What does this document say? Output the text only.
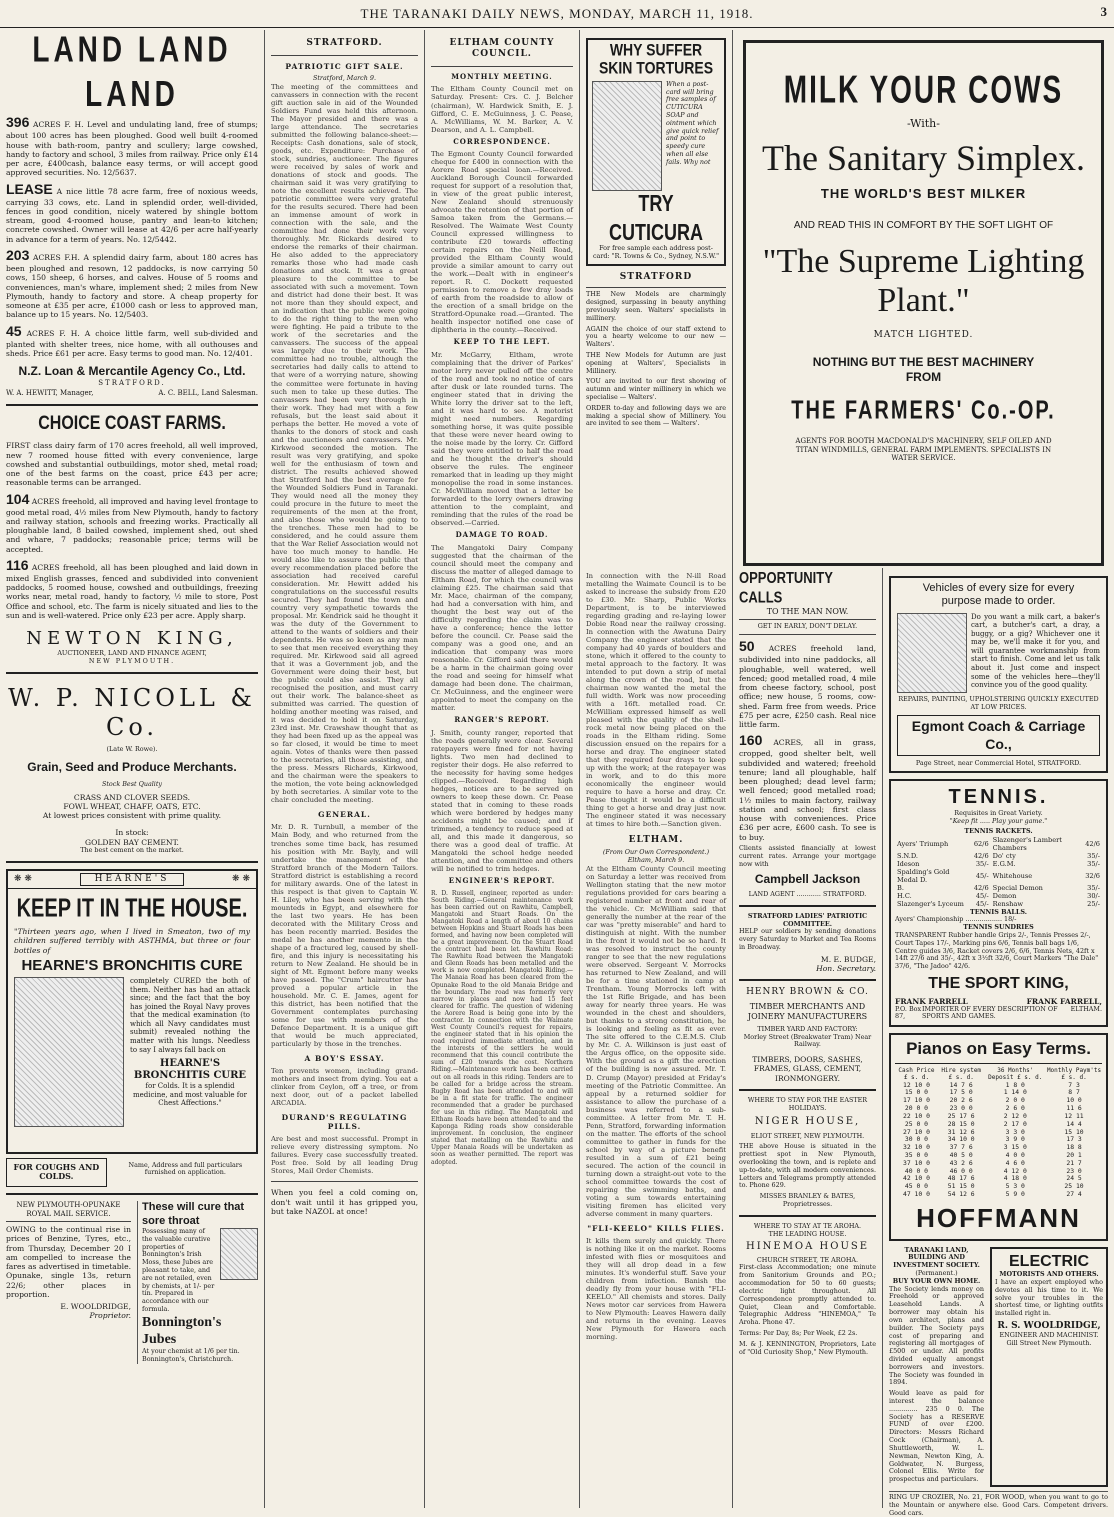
THE TARANAKI DAILY NEWS, MONDAY, MARCH 11, 1918.	3
LAND LAND LAND
396 ACRES F. H. Level and undulating land, free of stumps; about 100 acres has been ploughed. Good well built 4-roomed house with bath-room, pantry and scullery; large cowshed, handy to factory and school, 3 miles from railway. Price only £14 per acre, £400cash, balance easy terms, or will accept good approved securities. No. 12/5637.
LEASE A nice little 78 acre farm, free of noxious weeds, carrying 33 cows, etc. Land in splendid order, well-divided, fences in good condition, nicely watered by shingle bottom stream, good 4-roomed house, pantry and lean-to kitchen; concrete cowshed. Owner will lease at 42/6 per acre half-yearly in advance for a term of years. No. 12/5442.
203 ACRES F.H. A splendid dairy farm, about 180 acres has been ploughed and resown, 12 paddocks, is now carrying 50 cows, 150 sheep, 6 horses, and calves. House of 5 rooms and conveniences, man's whare, implement shed; 2 miles from New Plymouth, handy to factory and store. A cheap property for someone at £35 per acre, £1000 cash or less to approved man, balance up to 15 years. No. 12/5403.
45 ACRES F. H. A choice little farm, well sub-divided and planted with shelter trees, nice home, with all outhouses and sheds. Price £61 per acre. Easy terms to good man. No. 12/401.
N.Z. Loan & Mercantile Agency Co., Ltd.
STRATFORD.
W. A. HEWITT, Manager,	A. C. BELL, Land Salesman.
CHOICE COAST FARMS.
FIRST class dairy farm of 170 acres freehold, all well improved, new 7 roomed house fitted with every convenience, large cowshed and substantial outbuildings, motor shed, metal road; one of the best farms on the coast, price £43 per acre; reasonable terms can be arranged.
104 ACRES freehold, all improved and having level frontage to good metal road, 4½ miles from New Plymouth, handy to factory and railway station, schools and freezing works. Practically all ploughable land, 8 bailed cowshed, implement shed, out shed and whare, 7 paddocks; reasonable price; terms will be accepted.
116 ACRES freehold, all has been ploughed and laid down in mixed English grasses, fenced and subdivided into convenient paddocks, 5 roomed house, cowshed and outbuildings, freezing works near, metal road, handy to factory, ½ mile to store, Post Office and school, etc. The farm is nicely situated and lies to the sun and is well-watered. Price only £23 per acre. Apply sharp.
NEWTON KING,
AUCTIONEER, LAND AND FINANCE AGENT,
NEW PLYMOUTH.
W. P. NICOLL & Co.
(Late W. Rowe).
Grain, Seed and Produce Merchants.
Stock Best Quality
CRASS AND CLOVER SEEDS.
FOWL WHEAT, CHAFF, OATS, ETC.
At lowest prices consistent with prime quality.
In stock:
GOLDEN BAY CEMENT.
The best cement on the market.
❋ ❋	HEARNE'S	❋ ❋
KEEP IT IN THE HOUSE.
"Thirteen years ago, when I lived in Smeaton, two of my children suffered terribly with ASTHMA, but three or four bottles of
HEARNE'S BRONCHITIS CURE
completely CURED the both of them. Neither has had an attack since; and the fact that the boy has joined the Royal Navy proves that the medical examination (to which all Navy candidates must submit) revealed nothing the matter with his lungs. Needless to say I always fall back on
HEARNE'S BRONCHITIS CURE
for Colds. It is a splendid medicine, and most valuable for Chest Affections."
FOR COUGHS AND COLDS.
Name, Address and full particulars furnished on application.
NEW PLYMOUTH-OPUNAKE ROYAL MAIL SERVICE.
OWING to the continual rise in prices of Benzine, Tyres, etc., from Thursday, December 20 I am compelled to increase the fares as advertised in timetable. Opunake, single 13s, return 22/6; other places in proportion.
E. WOOLDRIDGE,
Proprietor.
These will cure that sore throat
Possessing many of the valuable curative properties of Bonnington's Irish Moss, these Jubes are pleasant to take, and are not retailed, even by chemists, at 1/- per tin. Prepared in accordance with our formula.
Bonnington's Jubes
At your chemist at 1/6 per tin. Bonnington's, Christchurch.
STRATFORD.
PATRIOTIC GIFT SALE.
Stratford, March 9.
The meeting of the committees and canvassers in connection with the recent gift auction sale in aid of the Wounded Soldiers Fund was held this afternoon. The Mayor presided and there was a large attendance. The secretaries submitted the following balance-sheet:—Receipts: Cash donations, sale of stock, goods, etc. Expenditure: Purchase of stock, sundries, auctioneer. The figures were received by sales of work and donations of stock and goods. The chairman said it was very gratifying to note the excellent results achieved. The patriotic committee were very grateful for the results secured. There had been an immense amount of work in connection with the sale, and the committee had done their work very thoroughly. Mr. Rickards desired to endorse the remarks of their chairman. He also added to the appreciatory remarks those who had made cash donations and stock. It was a great pleasure to the committee to be associated with such a movement. Town and district had done their best. It was not more than they should expect, and an indication that the public were going to do the right thing to the men who were fighting. He paid a tribute to the work of the secretaries and the canvassers. The success of the appeal was largely due to their work. The committee had no trouble, although the secretaries had daily calls to attend to that were of a worrying nature, showing the committee were fortunate in having such men to take up these duties. The canvassers had been very thorough in their work. They had met with a few refusals, but the least said about it perhaps the better. He moved a vote of thanks to the donors of stock and cash and the auctioneers and canvassers. Mr. Kirkwood seconded the motion. The result was very gratifying, and spoke well for the enthusiasm of town and district. The results achieved showed that Stratford had the best average for the Wounded Soldiers Fund in Taranaki. They would need all the money they could procure in the future to meet the requirements of the men at the front, and also those who would be going to the trenches. These men had to be considered, and he could assure them that the War Relief Association would not have too much money to handle. He would also like to assure the public that every recommendation placed before the association had received careful consideration. Mr. Hewitt added his congratulations on the successful results secured. They had found the town and country very sympathetic towards the proposal. Mr. Kendrick said he thought it was the duty of the Government to attend to the wants of soldiers and their dependents. He was so keen as any man to see that men received everything they required. Mr. Kirkwood said all agreed that it was a Government job, and the Government were doing their best, but the public could also assist. They all recognised the position, and must carry out their work. The balance-sheet as submitted was carried. The question of holding another meeting was raised, and it was decided to hold it on Saturday, 23rd inst. Mr. Crawshaw thought that as they had been fixed up as the appeal was so far closed, it would be time to meet again. Votes of thanks were then passed to the secretaries, all those assisting, and the press. Messrs Richards, Kirkwood, and the chairman were the speakers to the motion, the vote being acknowledged by both secretaries. A similar vote to the chair concluded the meeting.
GENERAL.
Mr. D. R. Turnbull, a member of the Main Body, and who returned from the trenches some time back, has resumed his position with Mr. Bayly, and will undertake the management of the Stratford branch of the Modern Tailors. Stratford district is establishing a record for military awards. One of the latest in this respect is that given to Captain W. H. Liley, who has been serving with the mounteds in Egypt, and elsewhere for the last two years. He has been decorated with the Military Cross and has been recently married. Besides the medal he has another memento in the shape of a fractured leg, caused by shell-fire, and this injury is necessitating his return to New Zealand. He should be in sight of Mt. Egmont before many weeks have passed. The "Crum" haircutter has proved a popular article in the household. Mr. C. E. James, agent for this district, has been notified that the Government contemplates purchasing some for use with members of the Defence Department. It is a unique gift that would be much appreciated, particularly by those in the trenches.
A BOY'S ESSAY.
Ten prevents women, including grand-mothers and insect from dying. You eat a clinker from Ceylon, off a tree, or from next door, out of a packet labelled ARCADIA.
DURAND'S REGULATING PILLS.
Are best and most successful. Prompt in relieve every distressing symptom. No failures. Every case successfully treated. Post free. Sold by all leading Drug Stores, Mail Order Chemists.
When you feel a cold coming on, don't wait until it has gripped you, but take NAZOL at once!
ELTHAM COUNTY COUNCIL.
MONTHLY MEETING.
The Eltham County Council met on Saturday. Present: Crs. C. J. Belcher (chairman), W. Hardwick Smith, E. J. Gifford, C. E. McGuinness, J. C. Pease, A. McWilliams, W. M. Barker, A. V. Dearson, and A. L. Campbell.
CORRESPONDENCE.
The Egmont County Council forwarded cheque for £400 in connection with the Aorere Road special loan.—Received. Auckland Borough Council forwarded request for support of a resolution that, in view of the great public interest, New Zealand should strenuously advocate the retention of that portion of Samoa taken from the Germans.—Resolved. The Waimate West County Council expressed willingness to contribute £20 towards effecting certain repairs on the Neill Road, provided the Eltham County would provide a similar amount to carry out the work.—Dealt with in engineer's report. R. C. Dockett requested permission to remove a few dray loads of earth from the roadside to allow of the erection of a small bridge on the Stratford-Opunake road.—Granted. The health inspector notified one case of diphtheria in the county.—Received.
KEEP TO THE LEFT.
Mr. McGarry, Eltham, wrote complaining that the driver of Parkes' motor lorry never pulled off the centre of the road and took no notice of cars after dusk or late rounded turns. The engineer stated that in driving the White lorry the driver sat to the left, and it was hard to see. A motorist might need numbers. Regarding something horse, it was quite possible that these were never heard owing to the noise made by the lorry. Cr. Gifford said they were entitled to half the road and he thought the driver's should observe the rules. The engineer remarked that in leading up they might monopolise the road in some instances. Cr. McWilliam moved that a letter be forwarded to the lorry owners drawing attention to the complaint, and reminding that the rules of the road be observed.—Carried.
DAMAGE TO ROAD.
The Mangatoki Dairy Company suggested that the chairman of the council should meet the company and discuss the matter of alleged damage to Eltham Road, for which the council was claiming £25. The chairman said that Mr. Mace, chairman of the company, had had a conversation with him, and thought the best way out of the difficulty regarding the claim was to have a conference; hence the letter before the council. Cr. Pease said the company was a good one, and an indication that company was more reasonable. Cr. Gifford said there would be a harm in the chairman going over the road and seeing for himself what damage had been done. The chairman, Cr. McGuinness, and the engineer were appointed to meet the company on the matter.
RANGER'S REPORT.
J. Smith, county ranger, reported that the roads generally were clear. Several ratepayers were fined for not having lights. Two men had declined to register their dogs. He also referred to the necessity for having some hedges clipped.—Received. Regarding high hedges, notices are to be served on owners to keep these down. Cr. Pease stated that in coming to these roads which were bordered by hedges many accidents might be caused; and if trimmed, a tendency to reduce speed at all, and this made it dangerous, so there was a good deal of traffic. At Mangatoki the school hedge needed attention, and the committee and others will be notified to trim hedges.
ENGINEER'S REPORT.
R. D. Russell, engineer, reported as under: South Riding.—General maintenance work has been carried out on Rawhitu, Campbell, Mangatoki and Stuart Roads. On the Mangatoki Road a length of about 10 chains between Hopkins and Stuart Roads has been formed, and having now been completed will be a great improvement. On the Stuart Road the contract had been let. Rawhitu Road: The Rawhitu Road between the Mangatoki and Glenn Roads has been metalled and the work is now completed. Mangatoki Riding.—The Manaia Road has been cleared from the Opunake Road to the old Manaia Bridge and the boundary. The road was formerly very narrow in places and now had 15 feet cleared for traffic. The question of widening the Aorere Road is being gone into by the contractor. In connection with the Waimate West County Council's request for repairs, the engineer stated that in his opinion the road required immediate attention, and in the interests of the settlers he would recommend that this council contribute the sum of £20 towards the cost. Northern Riding.—Maintenance work has been carried out on all roads in this riding. Tenders are to be called for a bridge across the stream. Rugby Road has been attended to and will be in a fit state for traffic. The engineer recommended that a grader be purchased for use in this riding. The Mangatoki and Eltham Roads have been attended to and the Kaponga Riding roads show considerable improvement. In conclusion, the engineer stated that metalling on the Rawhitu and Upper Manaia Roads will be undertaken as soon as weather permitted. The report was adopted.
WHY SUFFER SKIN TORTURES
When a post-card will bring free samples of CUTICURA SOAP and ointment which give quick relief and point to speedy cure when all else fails. Why not
TRY CUTICURA
For free sample each address post-card: "R. Towns & Co., Sydney, N.S.W."
STRATFORD
THE New Models are charmingly designed, surpassing in beauty anything previously seen. Walters' specialists in millinery.
AGAIN the choice of our staff extend to you a hearty welcome to our new — Walters'.
THE New Models for Autumn are just opening at Walters', Specialists in Millinery.
YOU are invited to our first showing of autumn and winter millinery in which we specialise — Walters'.
ORDER to-day and following days we are making a special show of Millinery. You are invited to see them — Walters'.
MILK YOUR COWS
-With-
The Sanitary Simplex.
THE WORLD'S BEST MILKER
AND READ THIS IN COMFORT BY THE SOFT LIGHT OF
"The Supreme Lighting Plant."
MATCH LIGHTED.
NOTHING BUT THE BEST MACHINERY FROM
THE FARMERS' Co.-OP.
AGENTS FOR BOOTH MACDONALD'S MACHINERY, SELF OILED AND TITAN WINDMILLS, GENERAL FARM IMPLEMENTS. SPECIALISTS IN WATER SERVICE.
In connection with the N-ill Road metalling the Waimate Council is to be asked to increase the subsidy from £20 to £30. Mr. Sharp, Public Works Department, is to be interviewed regarding grading and re-laying lower Dobie Road near the railway crossing. In connection with the Awatuna Dairy Company the engineer stated that the company had 40 yards of boulders and stone, which it offered to the county to metal approach to the factory. It was intended to put down a strip of metal along the crown of the road, but the chairman now wanted the metal the full width. Work was now proceeding with a 16ft. metalled road. Cr. McWilliam expressed himself as well pleased with the quality of the shell-rock metal now being placed on the roads in the Eltham riding. Some discussion ensued on the repairs for a horse and dray. The engineer stated that they required four drays to keep up with the work; at the ratepayer was in work, and to do this more economically the engineer would require to have a horse and dray. Cr. Pease thought it would be a difficult thing to get a horse and dray just now. The engineer stated it was necessary at times to hire both.—Sanction given.
ELTHAM.
(From Our Own Correspondent.)
Eltham, March 9.
At the Eltham County Council meeting on Saturday a letter was received from Wellington stating that the new motor regulations provided for cars bearing a registered number at front and rear of the vehicle. Cr. McWilliam said that generally the number at the rear of the car was "pretty miserable" and hard to distinguish at night. With the number in the front it would not be so hard. It was resolved to instruct the county ranger to see that the new regulations were observed. Sergeant V. Morrocks has returned to New Zealand, and will be for a time stationed in camp at Trentham. Young Morrocks left with the 1st Rifle Brigade, and has been away for nearly three years. He was wounded in the chest and shoulders, but thanks to a strong constitution, he is looking and feeling as fit as ever. The site offered to the C.E.M.S. Club by Mr. C. A. Wilkinson is just east of the Argus office, on the opposite side. With the ground as a gift the erection of the building is now assured. Mr. T. D. Crump (Mayor) presided at Friday's meeting of the Patriotic Committee. An appeal by a returned soldier for assistance to allow the purchase of a business was referred to a sub-committee. A letter from Mr. T. H. Penn, Stratford, forwarding information on the matter. The efforts of the school committee to gather in funds for the school by way of a picture benefit resulted in a sum of £21 being secured. The action of the council in turning down a straight-out vote to the school committee towards the cost of repairing the swimming baths, and voting a sum towards entertaining visiting firemen has elicited very adverse comment in many quarters.
"FLI-KEELO" KILLS FLIES.
It kills them surely and quickly. There is nothing like it on the market. Rooms infested with flies or mosquitoes and they will all drop dead in a few minutes. It's wonderful stuff. Save your children from infection. Banish the deadly fly from your house with "FLI-KEELO." All chemists and stores. Daily News motor car services from Hawera to New Plymouth: Leaves Hawera daily and returns in the evening. Leaves New Plymouth for Hawera each morning.
OPPORTUNITY CALLS
TO THE MAN NOW.
GET IN EARLY, DON'T DELAY.
50 ACRES freehold land, subdivided into nine paddocks, all ploughable, well watered, well fenced; good metalled road, 4 mile from cheese factory, school, post office; new house, 5 rooms, cow-shed. Farm free from weeds. Price £75 per acre, £250 cash. Real nice little farm.
160 ACRES, all in grass, cropped, good shelter belt, well subdivided and watered; freehold tenure; land all ploughable, half been ploughed; dead level farm; well fenced; good metalled road; 1½ miles to main factory, railway station and school; first class house with conveniences. Price £36 per acre, £600 cash. To see is to buy.
Clients assisted financially at lowest current rates. Arrange your mortgage now with
Campbell Jackson
LAND AGENT ............ STRATFORD.
STRATFORD LADIES' PATRIOTIC COMMITTEE.
HELP our soldiers by sending donations every Saturday to Market and Tea Rooms in Broadway.
M. E. BUDGE,
Hon. Secretary.
HENRY BROWN & CO.
TIMBER MERCHANTS AND JOINERY MANUFACTURERS
TIMBER YARD AND FACTORY:
Morley Street (Breakwater Tram) Near Railway.
TIMBERS, DOORS, SASHES, FRAMES, GLASS, CEMENT, IRONMONGERY.
WHERE TO STAY FOR THE EASTER HOLIDAYS.
NIGER HOUSE,
ELIOT STREET, NEW PLYMOUTH.
THE above House is situated in the prettiest spot in New Plymouth, overlooking the town, and is replete and up-to-date, with all modern conveniences. Letters and Telegrams promptly attended to. Phone 629.
MISSES BRANLEY & BATES, Proprietresses.
WHERE TO STAY AT TE AROHA.
THE LEADING HOUSE.
HINEMOA HOUSE
CHURCH STREET, TE AROHA.
First-class Accommodation; one minute from Sanitorium Grounds and P.O.; accommodation for 50 to 60 guests; electric light throughout. All Correspondence promptly attended to. Quiet, Clean and Comfortable. Telegraphic Address "HINEMOA," Te Aroha. Phone 47.
Terms: Per Day, 8s; Per Week, £2 2s.
M. & J. KENNINGTON, Proprietors, Late of "Old Curiosity Shop," New Plymouth.
Vehicles of every size for every
purpose made to order.
Do you want a milk cart, a baker's cart, a butcher's cart, a dray, a buggy, or a gig? Whichever one it may be, we'll make it for you, and will guarantee workmanship from start to finish. Come and let us talk about it. Just come and inspect some of the vehicles here—they'll convince you of the good quality.
REPAIRS, PAINTING, UPHOLSTERING QUICKLY EXECUTED AT LOW PRICES.
Egmont Coach & Carriage Co.,
Page Street, near Commercial Hotel, STRATFORD.
TENNIS.
Requisites in Great Variety.
"Keep fit ..... Play your game."
TENNIS RACKETS.
Ayers' Triumph	62/6	Slazenger's Lambert Chambers	42/6
S.N.D.	42/6	Do' cty	35/-
Ideson	35/-	E.G.M.	35/-
Spalding's Gold Medal D.	45/-	Whitehouse	32/6
B.	42/6	Special Demon	35/-
H.C.	45/-	Demon	30/-
Slazenger's Lyceum	45/-	Renshaw	25/-
TENNIS BALLS.
Ayers' Championship .................. 18/-
TENNIS SUNDRIES
TRANSPARENT Rubber handle Grips 2/-, Tennis Presses 2/-, Court Tapes 17/-, Marking pins 6/6, Tennis ball bags 1/6, Centre guides 3/6, Racket covers 2/6, 6/6, Tennis Nets, 42ft x 14ft 27/6 and 35/-, 42ft x 3½ft 32/6, Court Markers "The Dale" 37/6, "The Jadoo" 42/6.
THE SPORT KING,
FRANK FARRELL	FRANK FARRELL,
P.O. Box 87,
IMPORTER OF EVERY DESCRIPTION OF SPORTS AND GAMES.
ELTHAM.
Pianos on Easy Terms.
Cash Price £ s. d.	Hire system £ s. d.	36 Months' Deposit £ s. d.	Monthly Paym'ts £ s. d.
12 10 0	14 7 6	1 8 0	7 3
15 0 0	17 5 0	1 14 0	8 7
17 10 0	20 2 6	2 0 0	10 0
20 0 0	23 0 0	2 6 0	11 6
22 10 0	25 17 6	2 12 0	12 11
25 0 0	28 15 0	2 17 0	14 4
27 10 0	31 12 6	3 3 0	15 10
30 0 0	34 10 0	3 9 0	17 3
32 10 0	37 7 6	3 15 0	18 8
35 0 0	40 5 0	4 0 0	20 1
37 10 0	43 2 6	4 6 0	21 7
40 0 0	46 0 0	4 12 0	23 0
42 10 0	48 17 6	4 18 0	24 5
45 0 0	51 15 0	5 3 0	25 10
47 10 0	54 12 6	5 9 0	27 4
HOFFMANN
TARANAKI LAND, BUILDING AND INVESTMENT SOCIETY.
(Permanent.)
BUY YOUR OWN HOME.
The Society lends money on Freehold or approved Leasehold Lands. A borrower may obtain his own architect, plans and builder. The Society pays cost of preparing and registering all mortgages of £500 or under. All profits divided equally amongst borrowers and investors. The Society was founded in 1894.
Would leave as paid for interest the balance .............. 235 0 0. The Society has a RESERVE FUND of over £200. Directors: Messrs Richard Cock (Chairman), A. Shuttleworth, W. L. Newman, Newton King, A. Goldwater, N. Burgess, Colonel Ellis. Write for prospectus and particulars.
ELECTRIC
MOTORISTS AND OTHERS.
I have an expert employed who devotes all his time to it. We solve your troubles in the shortest time, or lighting outfits installed right in.
R. S. WOOLDRIDGE,
ENGINEER AND MACHINIST.
Gill Street New Plymouth.
RING UP CROZIER, No. 21, FOR WOOD, when you want to go to the Mountain or anywhere else. Good Cars. Competent drivers. Good cars.
